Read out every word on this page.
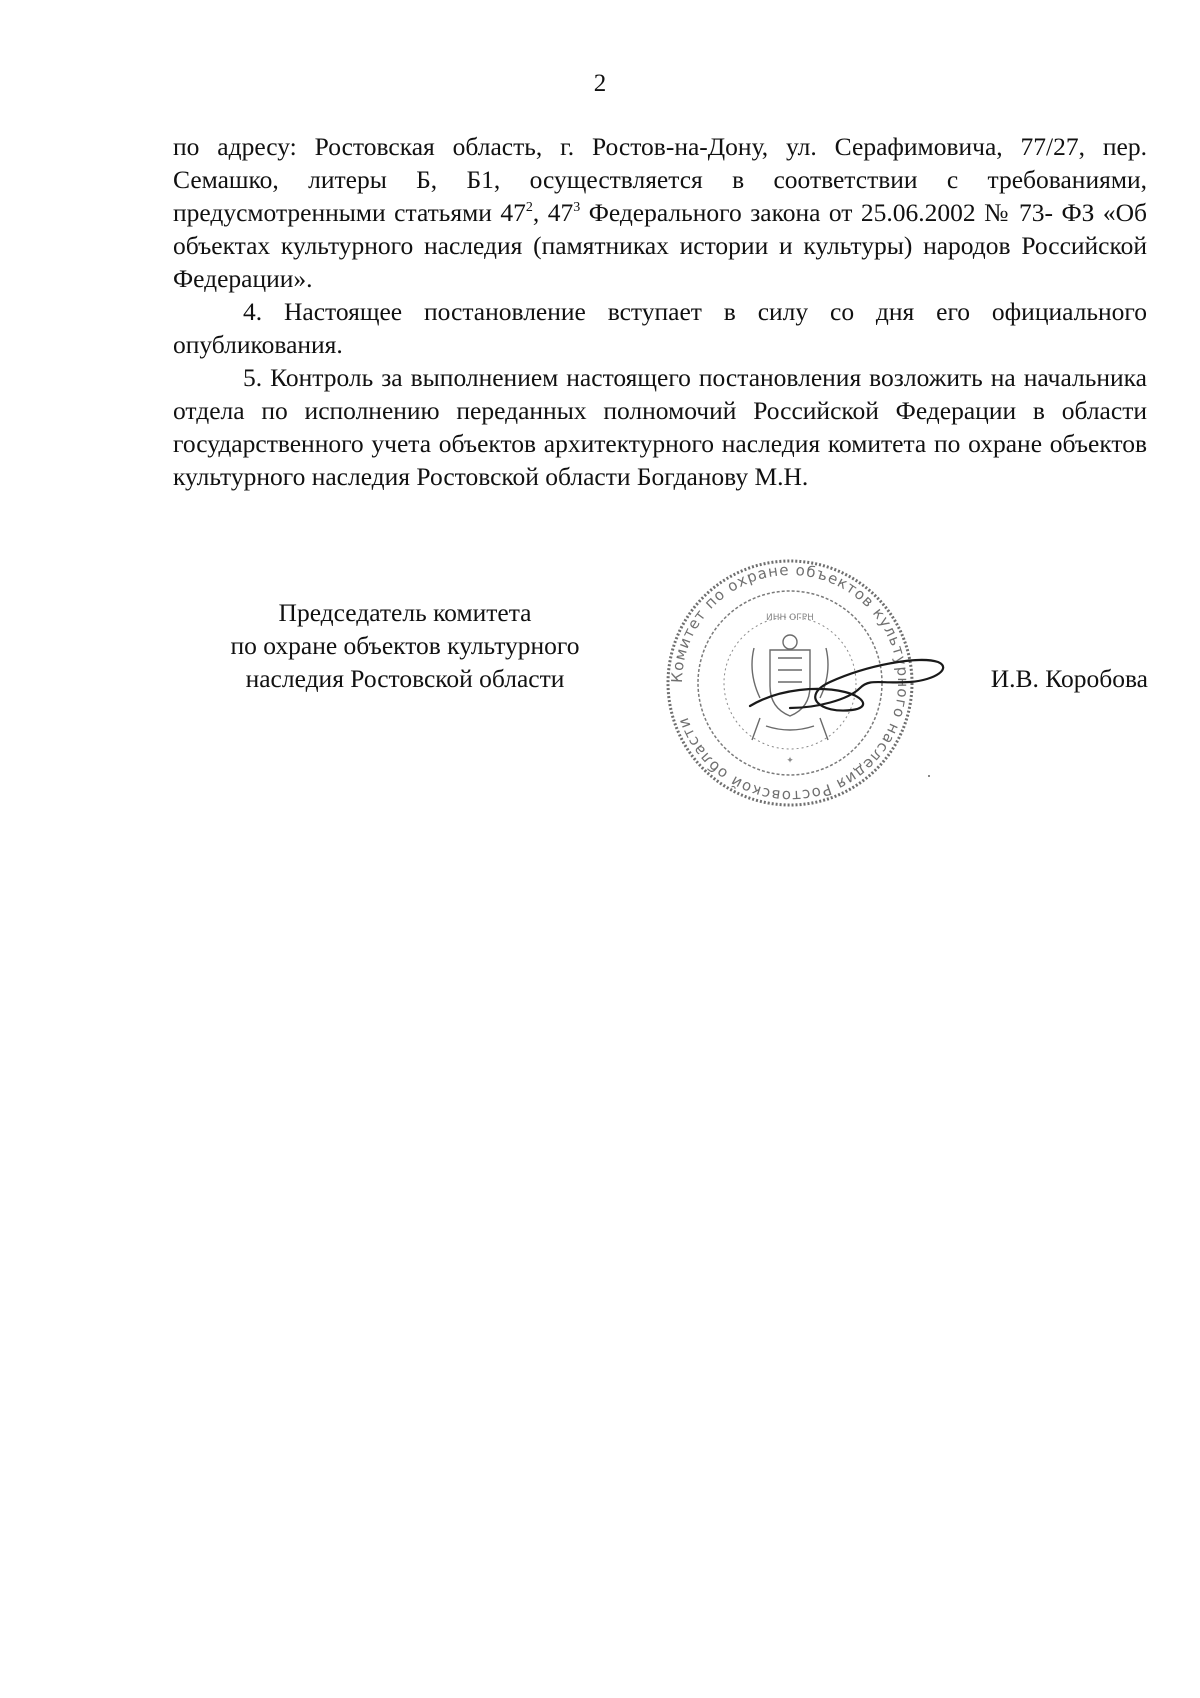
2

по адресу: Ростовская область, г. Ростов-на-Дону, ул. Серафимовича, 77/27, пер. Семашко, литеры Б, Б1, осуществляется в соответствии с требованиями, предусмотренными статьями $47^2$, $47^3$ Федерального закона от 25.06.2002 № 73- ФЗ «Об объектах культурного наследия (памятниках истории и культуры) народов Российской Федерации».

4. Настоящее постановление вступает в силу со дня его официального опубликования.

5. Контроль за выполнением настоящего постановления возложить на начальника отдела по исполнению переданных полномочий Российской Федерации в области государственного учета объектов архитектурного наследия комитета по охране объектов культурного наследия Ростовской области Богданову М.Н.

Председатель комитета
по охране объектов культурного
наследия Ростовской области	Комитет по охране объектов культурного наследия Ростовской области
ИНН ОГРН
✦
И.В. Коробова
